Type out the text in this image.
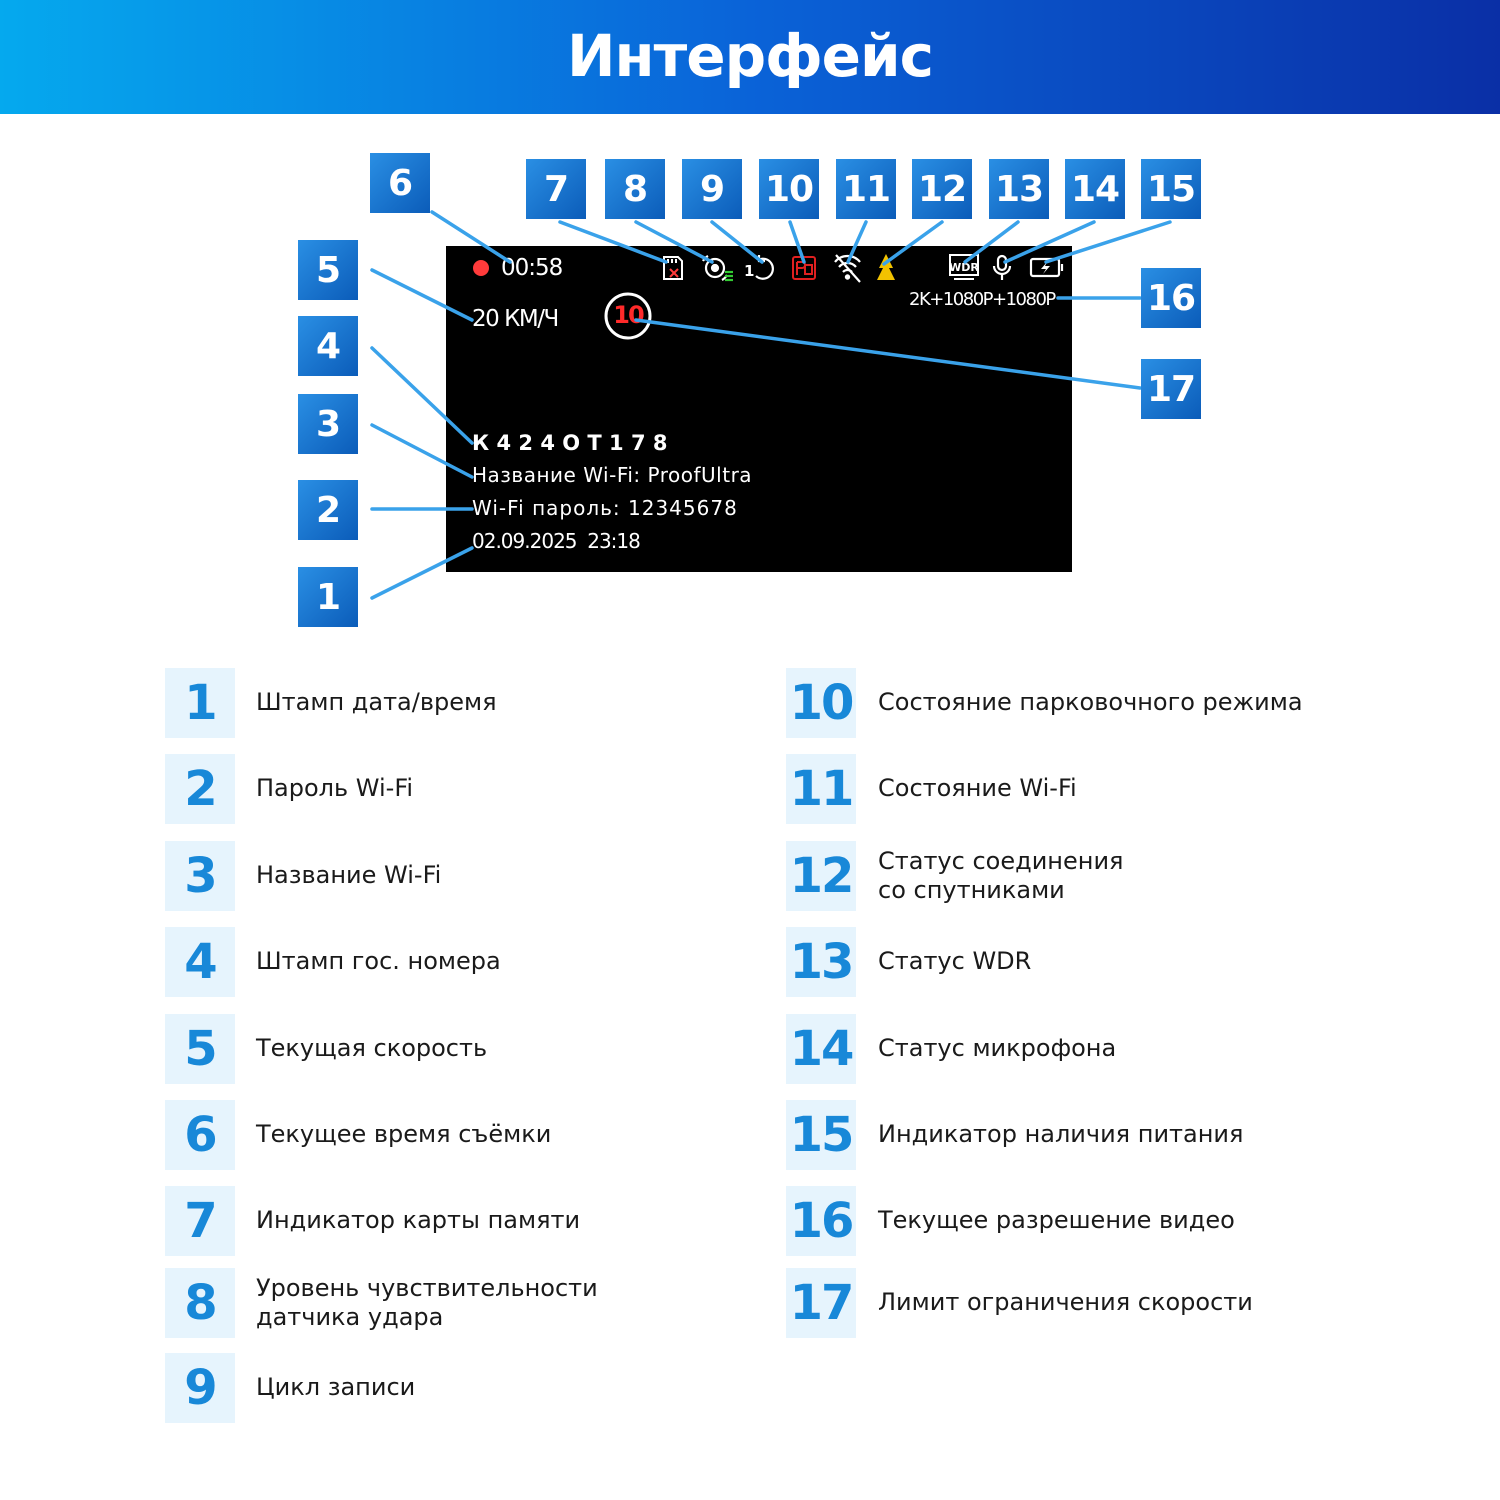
Интерфейс
1	WDR
00:58
20 КМ/Ч 10
2K+1080P+1080P
К 4 2 4 О Т 1 7 8
Название Wi-Fi: ProofUltra
Wi-Fi пароль: 12345678
02.09.2025  23:18
1
2
3
4
5
6	7	8	9	10 11 12 13 14 15
16
17
1	Штамп дата/время
2	Пароль Wi-Fi
3	Название Wi-Fi
4	Штамп гос. номера
5	Текущая скорость
6	Текущее время съёмки
7	Индикатор карты памяти
8	Уровень чувствительности
датчика удара
9	Цикл записи
10 Состояние парковочного режима
11 Состояние Wi-Fi
12 Статус соединения
со спутниками
13 Статус WDR
14 Статус микрофона
15 Индикатор наличия питания
16 Текущее разрешение видео
17 Лимит ограничения скорости
